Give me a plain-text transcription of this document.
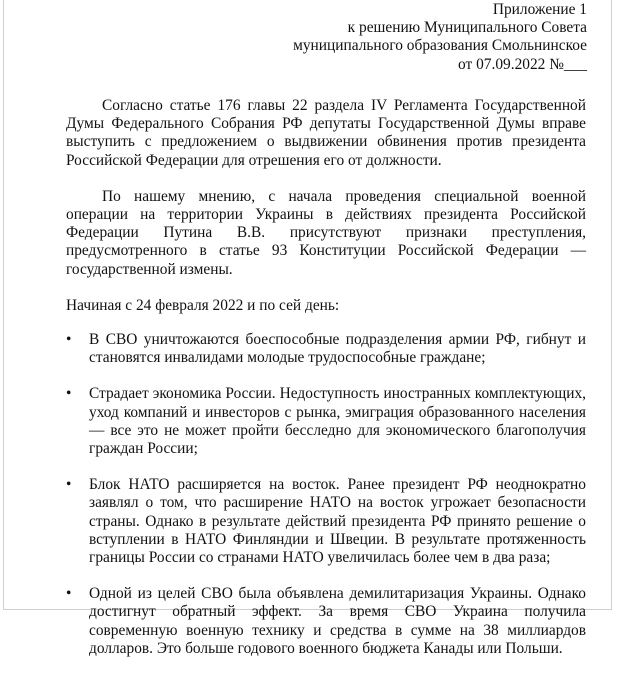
Приложение 1
к решению Муниципального Совета
муниципального образования Смольнинское
от 07.09.2022 №___

Согласно статье 176 главы 22 раздела IV Регламента Государственной Думы Федерального Собрания РФ депутаты Государственной Думы вправе выступить с предложением о выдвижении обвинения против президента Российской Федерации для отрешения его от должности.

По нашему мнению, с начала проведения специальной военной операции на территории Украины в действиях президента Российской Федерации Путина В.В. присутствуют признаки преступления, предусмотренного в статье 93 Конституции Российской Федерации — государственной измены.

Начиная с 24 февраля 2022 и по сей день:

• В СВО уничтожаются боеспособные подразделения армии РФ, гибнут и становятся инвалидами молодые трудоспособные граждане;
• Страдает экономика России. Недоступность иностранных комплектующих, уход компаний и инвесторов с рынка, эмиграция образованного населения — все это не может пройти бесследно для экономического благополучия граждан России;
• Блок НАТО расширяется на восток. Ранее президент РФ неоднократно заявлял о том, что расширение НАТО на восток угрожает безопасности страны. Однако в результате действий президента РФ принято решение о вступлении в НАТО Финляндии и Швеции. В результате протяженность границы России со странами НАТО увеличилась более чем в два раза;
• Одной из целей СВО была объявлена демилитаризация Украины. Однако достигнут обратный эффект. За время СВО Украина получила современную военную технику и средства в сумме на 38 миллиардов долларов. Это больше годового военного бюджета Канады или Польши.
